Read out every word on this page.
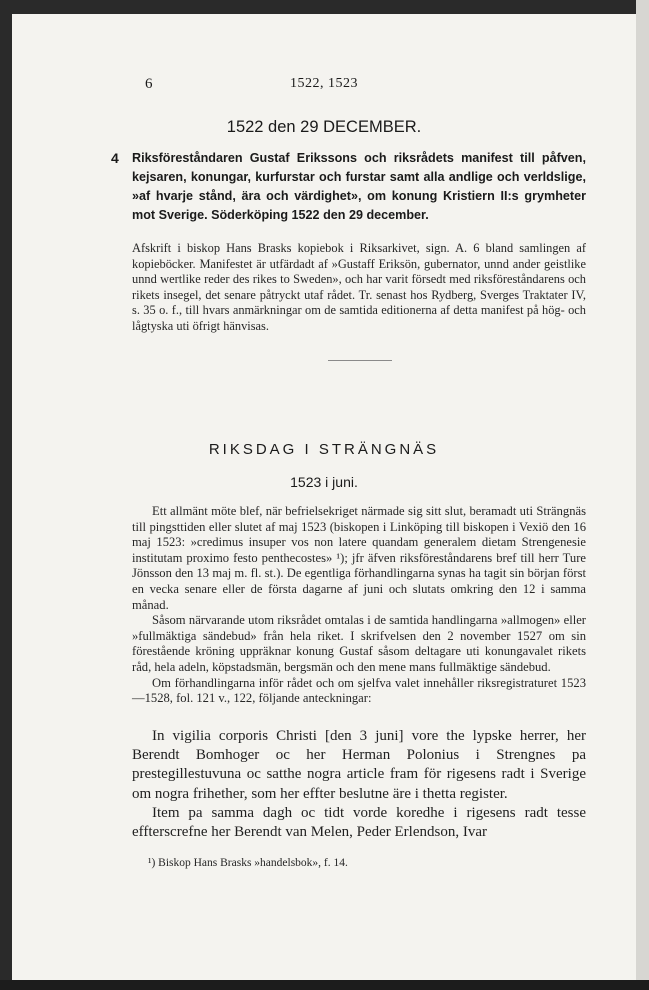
6	1522, 1523
1522 den 29 DECEMBER.
4 Riksföreståndaren Gustaf Erikssons och riksrådets manifest till påfven, kejsaren, konungar, kurfurstar och furstar samt alla andlige och verldslige, »af hvarje stånd, ära och värdighet», om konung Kristiern II:s grymheter mot Sverige. Söderköping 1522 den 29 december.
Afskrift i biskop Hans Brasks kopiebok i Riksarkivet, sign. A. 6 bland samlingen af kopieböcker. Manifestet är utfärdadt af »Gustaff Eriksön, gubernator, unnd ander geistlike unnd wertlike reder des rikes to Sweden», och har varit försedt med riksföreståndarens och rikets insegel, det senare påtryckt utaf rådet. Tr. senast hos Rydberg, Sverges Traktater IV, s. 35 o. f., till hvars anmärkningar om de samtida editionerna af detta manifest på hög- och lågtyska uti öfrigt hänvisas.
RIKSDAG I STRÄNGNÄS
1523 i juni.

Ett allmänt möte blef, när befrielsekriget närmade sig sitt slut, beramadt uti Strängnäs till pingsttiden eller slutet af maj 1523 (biskopen i Linköping till biskopen i Vexiö den 16 maj 1523: »credimus insuper vos non latere quandam generalem dietam Strengenesie institutam proximo festo penthecostes» ¹); jfr äfven riksföreståndarens bref till herr Ture Jönsson den 13 maj m. fl. st.). De egentliga förhandlingarna synas ha tagit sin början först en vecka senare eller de första dagarne af juni och slutats omkring den 12 i samma månad.

Såsom närvarande utom riksrådet omtalas i de samtida handlingarna »allmogen» eller »fullmäktiga sändebud» från hela riket. I skrifvelsen den 2 november 1527 om sin förestående kröning uppräknar konung Gustaf såsom deltagare uti konungavalet rikets råd, hela adeln, köpstadsmän, bergsmän och den mene mans fullmäktige sändebud.

Om förhandlingarna inför rådet och om sjelfva valet innehåller riksregistraturet 1523—1528, fol. 121 v., 122, följande anteckningar:

In vigilia corporis Christi [den 3 juni] vore the lypske herrer, her Berendt Bomhoger oc her Herman Polonius i Strengnes pa prestegillestuvuna oc satthe nogra article fram för rigesens radt i Sverige om nogra frihether, som her effter beslutne äre i thetta register.

Item pa samma dagh oc tidt vorde koredhe i rigesens radt tesse effterscrefne her Berendt van Melen, Peder Erlendson, Ivar

¹) Biskop Hans Brasks »handelsbok», f. 14.
